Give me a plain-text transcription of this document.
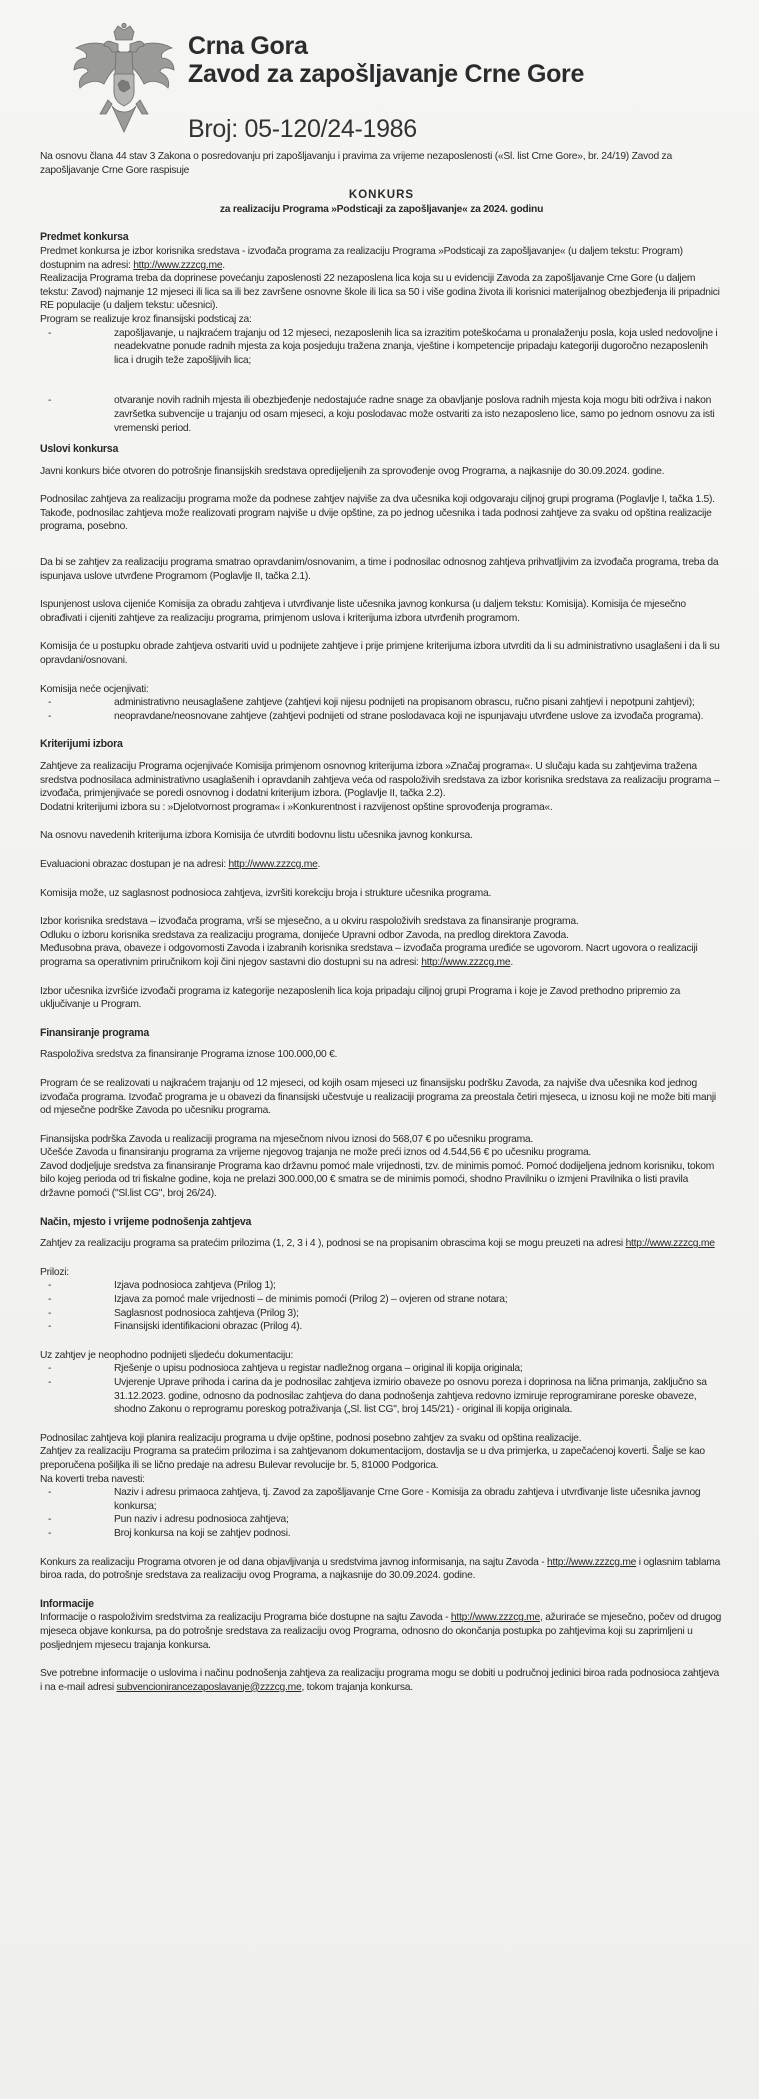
Crna Gora
Zavod za zapošljavanje Crne Gore
Broj: 05-120/24-1986

Na osnovu člana 44 stav 3 Zakona o posredovanju pri zapošljavanju i pravima za vrijeme nezaposlenosti («Sl. list Crne Gore», br. 24/19) Zavod za zapošljavanje Crne Gore raspisuje

KONKURS
za realizaciju Programa »Podsticaji za zapošljavanje« za 2024. godinu
Predmet konkursa

Predmet konkursa je izbor korisnika sredstava - izvođača programa za realizaciju Programa »Podsticaji za zapošljavanje« (u daljem tekstu: Program) dostupnim na adresi: http://www.zzzcg.me.

Realizacija Programa treba da doprinese povećanju zaposlenosti 22 nezaposlena lica koja su u evidenciji Zavoda za zapošljavanje Crne Gore (u daljem tekstu: Zavod) najmanje 12 mjeseci ili lica sa ili bez završene osnovne škole ili lica sa 50 i više godina života ili korisnici materijalnog obezbjeđenja ili pripadnici RE populacije (u daljem tekstu: učesnici).

Program se realizuje kroz finansijski podsticaj za:

- zapošljavanje, u najkraćem trajanju od 12 mjeseci, nezaposlenih lica sa izrazitim poteškoćama u pronalaženju posla, koja usled nedovoljne i neadekvatne ponude radnih mjesta za koja posjeduju tražena znanja, vještine i kompetencije pripadaju kategoriji dugoročno nezaposlenih lica i drugih teže zapošljivih lica;
- otvaranje novih radnih mjesta ili obezbjeđenje nedostajuće radne snage za obavljanje poslova radnih mjesta koja mogu biti održiva i nakon završetka subvencije u trajanju od osam mjeseci, a koju poslodavac može ostvariti za isto nezaposleno lice, samo po jednom osnovu za isti vremenski period.
Uslovi konkursa

Javni konkurs biće otvoren do potrošnje finansijskih sredstava opredijeljenih za sprovođenje ovog Programa, a najkasnije do 30.09.2024. godine.

Podnosilac zahtjeva za realizaciju programa može da podnese zahtjev najviše za dva učesnika koji odgovaraju ciljnoj grupi programa (Poglavlje I, tačka 1.5). Takođe, podnosilac zahtjeva može realizovati program najviše u dvije opštine, za po jednog učesnika i tada podnosi zahtjeve za svaku od opština realizacije programa, posebno.

Da bi se zahtjev za realizaciju programa smatrao opravdanim/osnovanim, a time i podnosilac odnosnog zahtjeva prihvatljivim za izvođača programa, treba da ispunjava uslove utvrđene Programom (Poglavlje II, tačka 2.1).

Ispunjenost uslova cijeniće Komisija za obradu zahtjeva i utvrđivanje liste učesnika javnog konkursa (u daljem tekstu: Komisija). Komisija će mjesečno obrađivati i cijeniti zahtjeve za realizaciju programa, primjenom uslova i kriterijuma izbora utvrđenih programom.

Komisija će u postupku obrade zahtjeva ostvariti uvid u podnijete zahtjeve i prije primjene kriterijuma izbora utvrditi da li su administrativno usaglašeni i da li su opravdani/osnovani.

Komisija neće ocjenjivati:

- administrativno neusaglašene zahtjeve (zahtjevi koji nijesu podnijeti na propisanom obrascu, ručno pisani zahtjevi i nepotpuni zahtjevi);
- neopravdane/neosnovane zahtjeve (zahtjevi podnijeti od strane poslodavaca koji ne ispunjavaju utvrđene uslove za izvođača programa).
Kriterijumi izbora

Zahtjeve za realizaciju Programa ocjenjivaće Komisija primjenom osnovnog kriterijuma izbora »Značaj programa«. U slučaju kada su zahtjevima tražena sredstva podnosilaca administrativno usaglašenih i opravdanih zahtjeva veća od raspoloživih sredstava za izbor korisnika sredstava za realizaciju programa – izvođača, primjenjivaće se poredi osnovnog i dodatni kriterijum izbora. (Poglavlje II, tačka 2.2).

Dodatni kriterijumi izbora su : »Djelotvornost programa« i »Konkurentnost i razvijenost opštine sprovođenja programa«.

Na osnovu navedenih kriterijuma izbora Komisija će utvrditi bodovnu listu učesnika javnog konkursa.

Evaluacioni obrazac dostupan je na adresi: http://www.zzzcg.me.

Komisija može, uz saglasnost podnosioca zahtjeva, izvršiti korekciju broja i strukture učesnika programa.

Izbor korisnika sredstava – izvođača programa, vrši se mjesečno, a u okviru raspoloživih sredstava za finansiranje programa.

Odluku o izboru korisnika sredstava za realizaciju programa, donijeće Upravni odbor Zavoda, na predlog direktora Zavoda.

Međusobna prava, obaveze i odgovornosti Zavoda i izabranih korisnika sredstava – izvođača programa uređiće se ugovorom. Nacrt ugovora o realizaciji programa sa operativnim priručnikom koji čini njegov sastavni dio dostupni su na adresi: http://www.zzzcg.me.

Izbor učesnika izvršiće izvođači programa iz kategorije nezaposlenih lica koja pripadaju ciljnoj grupi Programa i koje je Zavod prethodno pripremio za uključivanje u Program.

Finansiranje programa

Raspoloživa sredstva za finansiranje Programa iznose 100.000,00 €.

Program će se realizovati u najkraćem trajanju od 12 mjeseci, od kojih osam mjeseci uz finansijsku podršku Zavoda, za najviše dva učesnika kod jednog izvođača programa. Izvođač programa je u obavezi da finansijski učestvuje u realizaciji programa za preostala četiri mjeseca, u iznosu koji ne može biti manji od mjesečne podrške Zavoda po učesniku programa.

Finansijska podrška Zavoda u realizaciji programa na mjesečnom nivou iznosi do 568,07 € po učesniku programa.

Učešće Zavoda u finansiranju programa za vrijeme njegovog trajanja ne može preći iznos od 4.544,56 € po učesniku programa.

Zavod dodjeljuje sredstva za finansiranje Programa kao državnu pomoć male vrijednosti, tzv. de minimis pomoć. Pomoć dodijeljena jednom korisniku, tokom bilo kojeg perioda od tri fiskalne godine, koja ne prelazi 300.000,00 € smatra se de minimis pomoći, shodno Pravilniku o izmjeni Pravilnika o listi pravila državne pomoći ("Sl.list CG", broj 26/24).

Način, mjesto i vrijeme podnošenja zahtjeva

Zahtjev za realizaciju programa sa pratećim prilozima (1, 2, 3 i 4 ), podnosi se na propisanim obrascima koji se mogu preuzeti na adresi http://www.zzzcg.me

Prilozi:

- Izjava podnosioca zahtjeva (Prilog 1);
- Izjava za pomoć male vrijednosti – de minimis pomoći (Prilog 2) – ovjeren od strane notara;
- Saglasnost podnosioca zahtjeva (Prilog 3);
- Finansijski identifikacioni obrazac (Prilog 4).

Uz zahtjev je neophodno podnijeti sljedeću dokumentaciju:

- Rješenje o upisu podnosioca zahtjeva u registar nadležnog organa – original ili kopija originala;
- Uvjerenje Uprave prihoda i carina da je podnosilac zahtjeva izmirio obaveze po osnovu poreza i doprinosa na lična primanja, zaključno sa 31.12.2023. godine, odnosno da podnosilac zahtjeva do dana podnošenja zahtjeva redovno izmiruje reprogramirane poreske obaveze, shodno Zakonu o reprogramu poreskog potraživanja („Sl. list CG", broj 145/21) - original ili kopija originala.

Podnosilac zahtjeva koji planira realizaciju programa u dvije opštine, podnosi posebno zahtjev za svaku od opština realizacije.

Zahtjev za realizaciju Programa sa pratećim prilozima i sa zahtjevanom dokumentacijom, dostavlja se u dva primjerka, u zapečaćenoj koverti. Šalje se kao preporučena pošiljka ili se lično predaje na adresu Bulevar revolucije br. 5, 81000 Podgorica.

Na koverti treba navesti:

- Naziv i adresu primaoca zahtjeva, tj. Zavod za zapošljavanje Crne Gore - Komisija za obradu zahtjeva i utvrđivanje liste učesnika javnog konkursa;
- Pun naziv i adresu podnosioca zahtjeva;
- Broj konkursa na koji se zahtjev podnosi.

Konkurs za realizaciju Programa otvoren je od dana objavljivanja u sredstvima javnog informisanja, na sajtu Zavoda - http://www.zzzcg.me i oglasnim tablama biroa rada, do potrošnje sredstava za realizaciju ovog Programa, a najkasnije do 30.09.2024. godine.

Informacije

Informacije o raspoloživim sredstvima za realizaciju Programa biće dostupne na sajtu Zavoda - http://www.zzzcg.me, ažuriraće se mjesečno, počev od drugog mjeseca objave konkursa, pa do potrošnje sredstava za realizaciju ovog Programa, odnosno do okončanja postupka po zahtjevima koji su zaprimljeni u posljednjem mjesecu trajanja konkursa.

Sve potrebne informacije o uslovima i načinu podnošenja zahtjeva za realizaciju programa mogu se dobiti u područnoj jedinici biroa rada podnosioca zahtjeva i na e-mail adresi subvencionirancezaposlavanje@zzzcg.me, tokom trajanja konkursa.
